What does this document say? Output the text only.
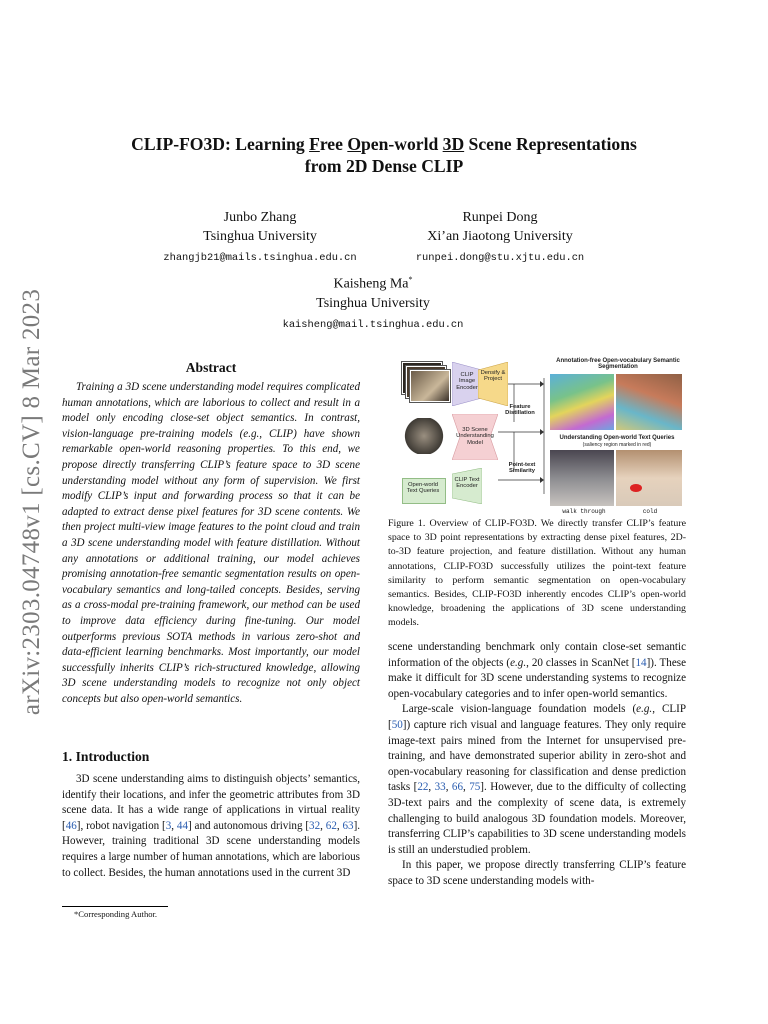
arXiv:2303.04748v1 [cs.CV] 8 Mar 2023
CLIP-FO3D: Learning Free Open-world 3D Scene Representations
from 2D Dense CLIP
Junbo Zhang
Tsinghua University
zhangjb21@mails.tsinghua.edu.cn
Runpei Dong
Xi’an Jiaotong University
runpei.dong@stu.xjtu.edu.cn
Kaisheng Ma*
Tsinghua University
kaisheng@mail.tsinghua.edu.cn
Abstract

Training a 3D scene understanding model requires complicated human annotations, which are laborious to collect and result in a model only encoding close-set object semantics. In contrast, vision-language pre-training models (e.g., CLIP) have shown remarkable open-world reasoning properties. To this end, we propose directly transferring CLIP’s feature space to 3D scene understanding model without any form of supervision. We first modify CLIP’s input and forwarding process so that it can be adapted to extract dense pixel features for 3D scene contents. We then project multi-view image features to the point cloud and train a 3D scene understanding model with feature distillation. Without any annotations or additional training, our model achieves promising annotation-free semantic segmentation results on open-vocabulary semantics and long-tailed concepts. Besides, serving as a cross-modal pre-training framework, our method can be used to improve data efficiency during fine-tuning. Our model outperforms previous SOTA methods in various zero-shot and data-efficient learning benchmarks. Most importantly, our model successfully inherits CLIP’s rich-structured knowledge, allowing 3D scene understanding models to recognize not only object concepts but also open-world semantics.

1. Introduction

3D scene understanding aims to distinguish objects’ semantics, identify their locations, and infer the geometric attributes from 3D scene data. It has a wide range of applications in virtual reality [46], robot navigation [3, 44] and autonomous driving [32, 62, 63]. However, training traditional 3D scene understanding models requires a large number of human annotations, which are laborious to collect. Besides, the human annotations used in the current 3D

*Corresponding Author.
CLIP Image Encoder
Densify & Project
Feature Distillation
3D Scene Understanding Model
Point-text Similarity
Open-world Text Queries
CLIP Text Encoder
Annotation-free Open-vocabulary Semantic Segmentation
Understanding Open-world Text Queries
(saliency region marked in red)
walk through	cold
Figure 1. Overview of CLIP-FO3D. We directly transfer CLIP’s feature space to 3D point representations by extracting dense pixel features, 2D-to-3D feature projection, and feature distillation. Without any human annotations, CLIP-FO3D successfully utilizes the point-text feature similarity to perform semantic segmentation on open-vocabulary semantics. Besides, CLIP-FO3D inherently encodes CLIP’s open-world knowledge, broadening the applications of 3D scene understanding models.

scene understanding benchmark only contain close-set semantic information of the objects (e.g., 20 classes in ScanNet [14]). These make it difficult for 3D scene understanding systems to recognize open-vocabulary categories and to infer open-world semantics.

Large-scale vision-language foundation models (e.g., CLIP [50]) capture rich visual and language features. They only require image-text pairs mined from the Internet for unsupervised pre-training, and have demonstrated superior ability in zero-shot and open-vocabulary reasoning for classification and dense prediction tasks [22, 33, 66, 75]. However, due to the difficulty of collecting 3D-text pairs and the complexity of scene data, is extremely challenging to build analogous 3D foundation models. Moreover, transferring CLIP’s capabilities to 3D scene understanding models is still an understudied problem.

In this paper, we propose directly transferring CLIP’s feature space to 3D scene understanding models with-
